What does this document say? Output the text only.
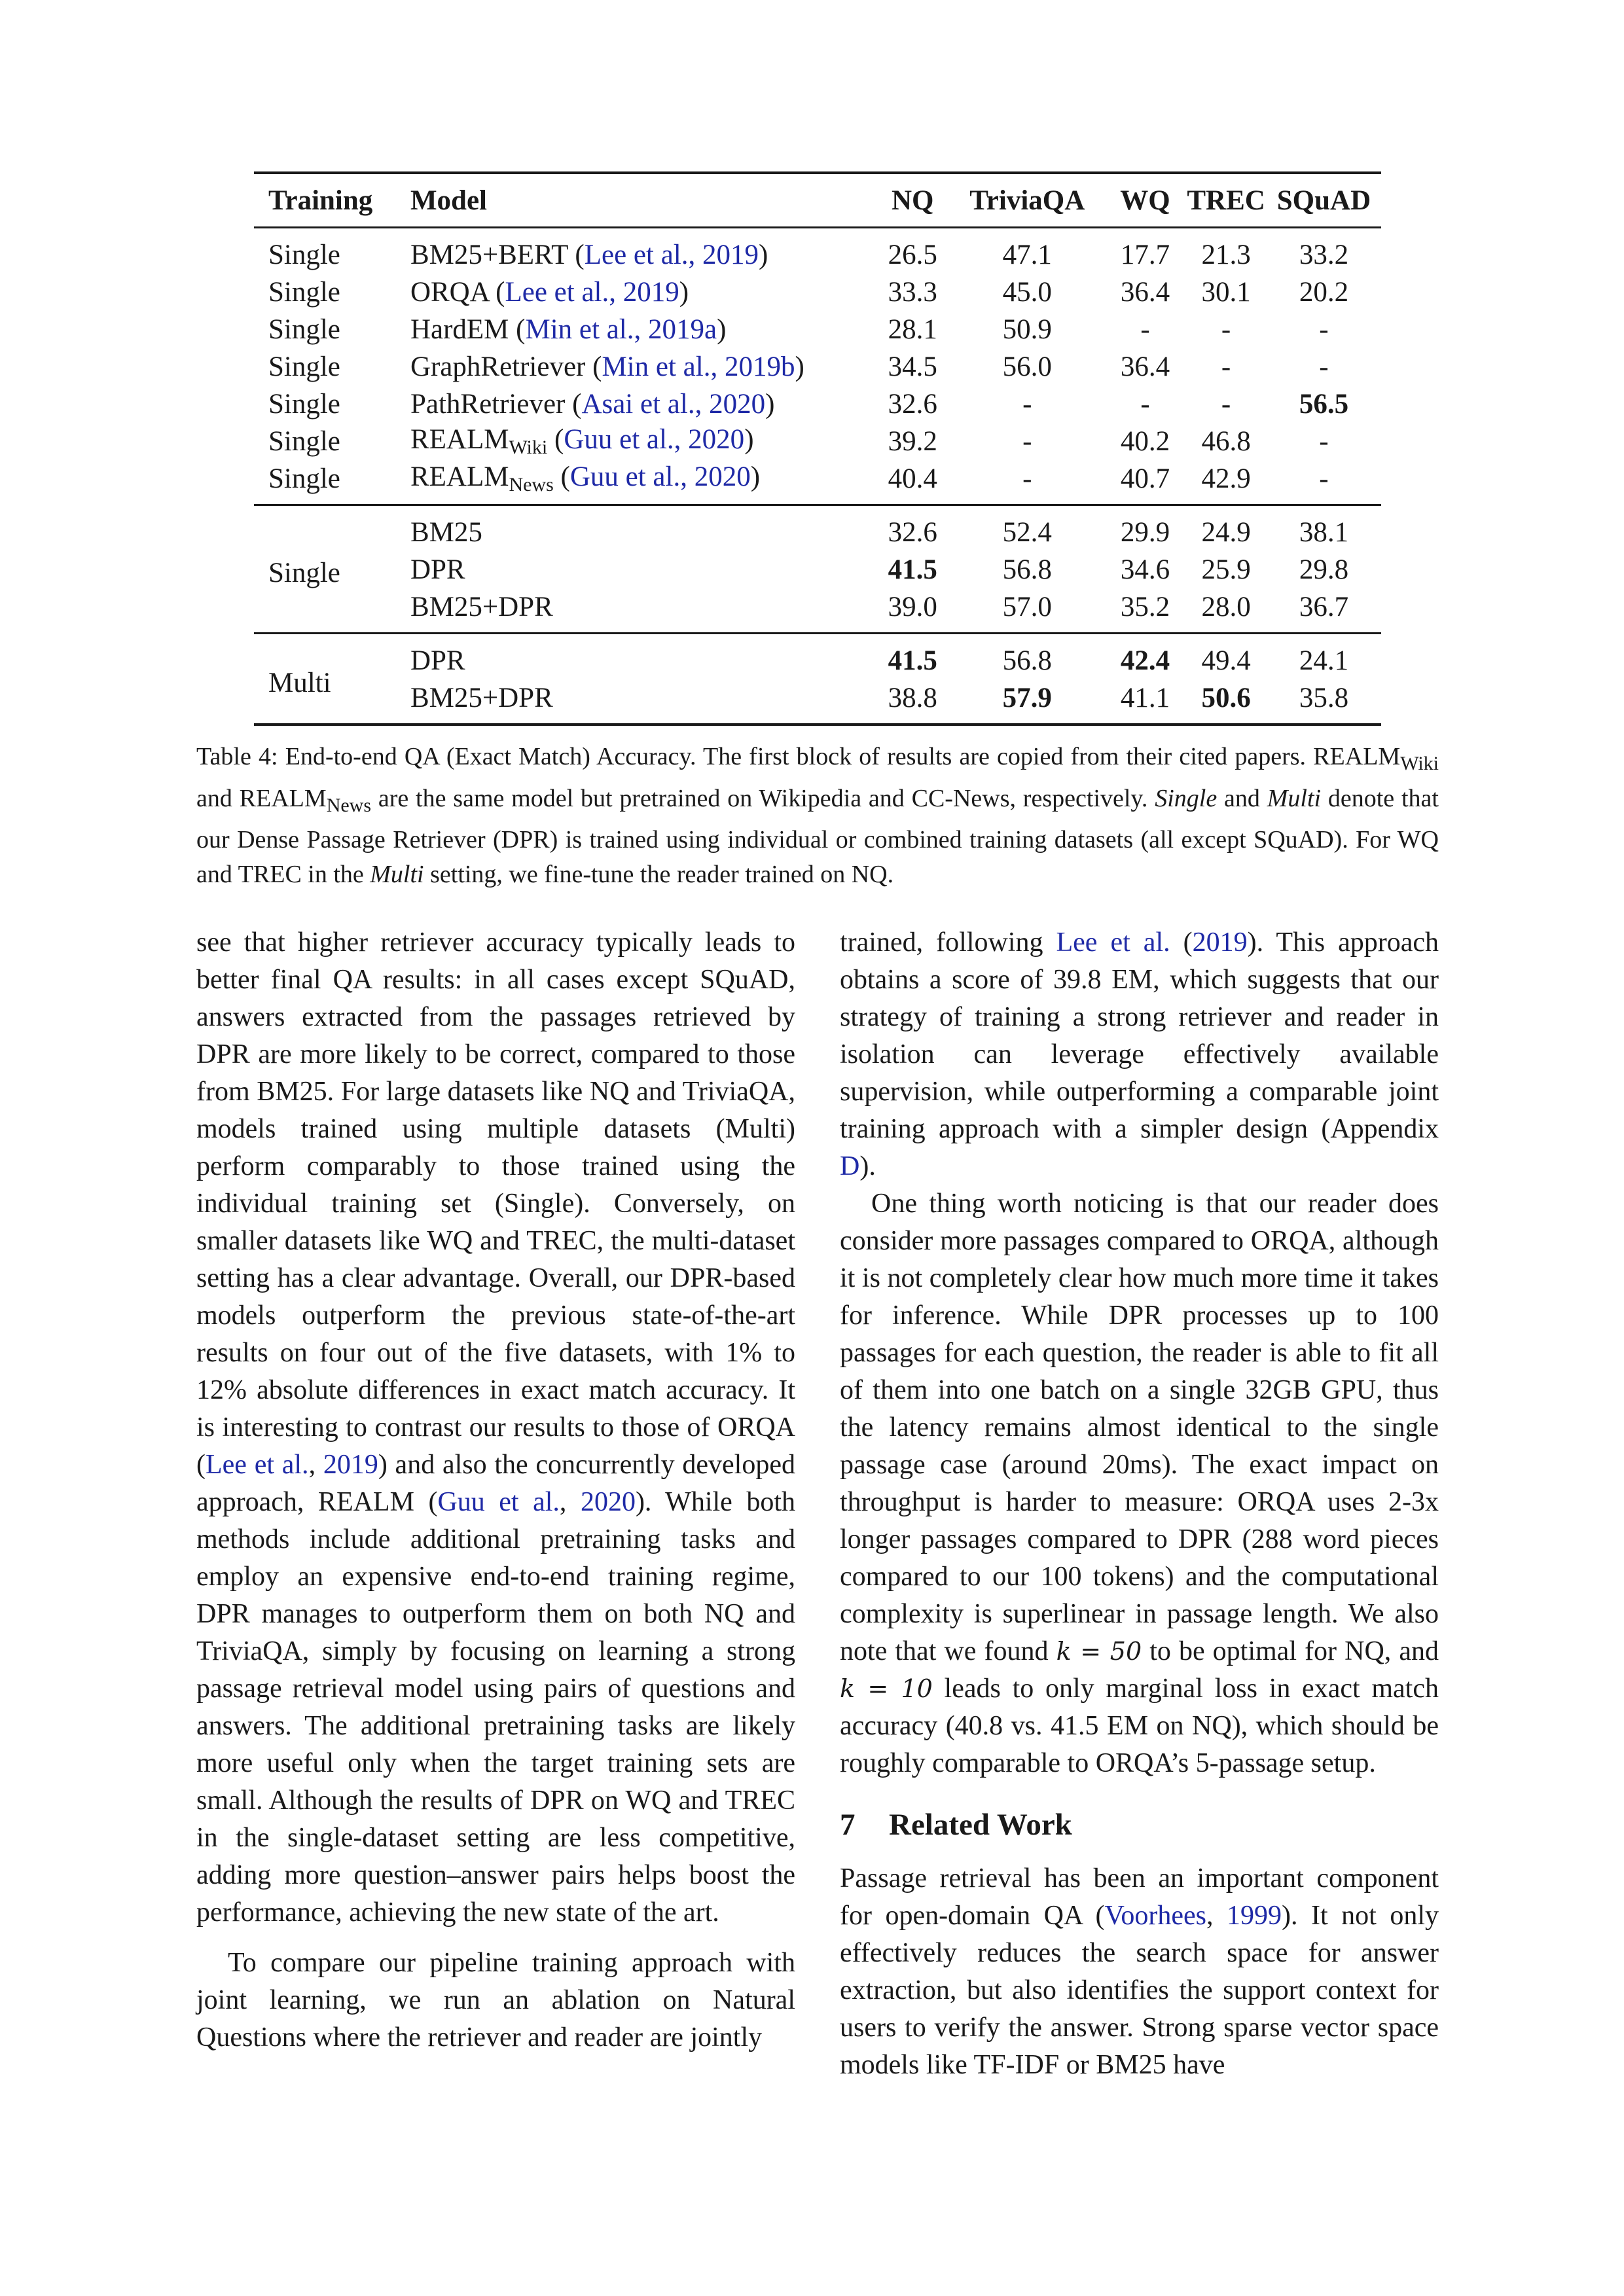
Training	Model	NQ	TriviaQA	WQ	TREC	SQuAD
Single	BM25+BERT (Lee et al., 2019)	26.5	47.1	17.7	21.3	33.2
Single	ORQA (Lee et al., 2019)	33.3	45.0	36.4	30.1	20.2
Single	HardEM (Min et al., 2019a)	28.1	50.9	-	-	-
Single	GraphRetriever (Min et al., 2019b)	34.5	56.0	36.4	-	-
Single	PathRetriever (Asai et al., 2020)	32.6	-	-	-	56.5
Single	$REALM_{Wiki}$ (Guu et al., 2020)	39.2	-	40.2	46.8	-
Single	$REALM_{News}$ (Guu et al., 2020)	40.4	-	40.7	42.9	-
Single	BM25	32.6	52.4	29.9	24.9	38.1
	DPR	41.5	56.8	34.6	25.9	29.8
	BM25+DPR	39.0	57.0	35.2	28.0	36.7
Multi	DPR	41.5	56.8	42.4	49.4	24.1
	BM25+DPR	38.8	57.9	41.1	50.6	35.8
Table 4: End-to-end QA (Exact Match) Accuracy. The first block of results are copied from their cited papers. $REALM_{Wiki}$ and $REALM_{News}$ are the same model but pretrained on Wikipedia and CC-News, respectively. Single and Multi denote that our Dense Passage Retriever (DPR) is trained using individual or combined training datasets (all except SQuAD). For WQ and TREC in the Multi setting, we fine-tune the reader trained on NQ.

see that higher retriever accuracy typically leads to better final QA results: in all cases except SQuAD, answers extracted from the passages retrieved by DPR are more likely to be correct, compared to those from BM25. For large datasets like NQ and TriviaQA, models trained using multiple datasets (Multi) perform comparably to those trained using the individual training set (Single). Conversely, on smaller datasets like WQ and TREC, the multi-dataset setting has a clear advantage. Overall, our DPR-based models outperform the previous state-of-the-art results on four out of the five datasets, with 1% to 12% absolute differences in exact match accuracy. It is interesting to contrast our results to those of ORQA (Lee et al., 2019) and also the concurrently developed approach, REALM (Guu et al., 2020). While both methods include additional pretraining tasks and employ an expensive end-to-end training regime, DPR manages to outperform them on both NQ and TriviaQA, simply by focusing on learning a strong passage retrieval model using pairs of questions and answers. The additional pretraining tasks are likely more useful only when the target training sets are small. Although the results of DPR on WQ and TREC in the single-dataset setting are less competitive, adding more question–answer pairs helps boost the performance, achieving the new state of the art.

To compare our pipeline training approach with joint learning, we run an ablation on Natural Questions where the retriever and reader are jointly

trained, following Lee et al. (2019). This approach obtains a score of 39.8 EM, which suggests that our strategy of training a strong retriever and reader in isolation can leverage effectively available supervision, while outperforming a comparable joint training approach with a simpler design (Appendix D).

One thing worth noticing is that our reader does consider more passages compared to ORQA, although it is not completely clear how much more time it takes for inference. While DPR processes up to 100 passages for each question, the reader is able to fit all of them into one batch on a single 32GB GPU, thus the latency remains almost identical to the single passage case (around 20ms). The exact impact on throughput is harder to measure: ORQA uses 2-3x longer passages compared to DPR (288 word pieces compared to our 100 tokens) and the computational complexity is superlinear in passage length. We also note that we found k = 50 to be optimal for NQ, and k = 10 leads to only marginal loss in exact match accuracy (40.8 vs. 41.5 EM on NQ), which should be roughly comparable to ORQA’s 5-passage setup.

7 Related Work

Passage retrieval has been an important component for open-domain QA (Voorhees, 1999). It not only effectively reduces the search space for answer extraction, but also identifies the support context for users to verify the answer. Strong sparse vector space models like TF-IDF or BM25 have
